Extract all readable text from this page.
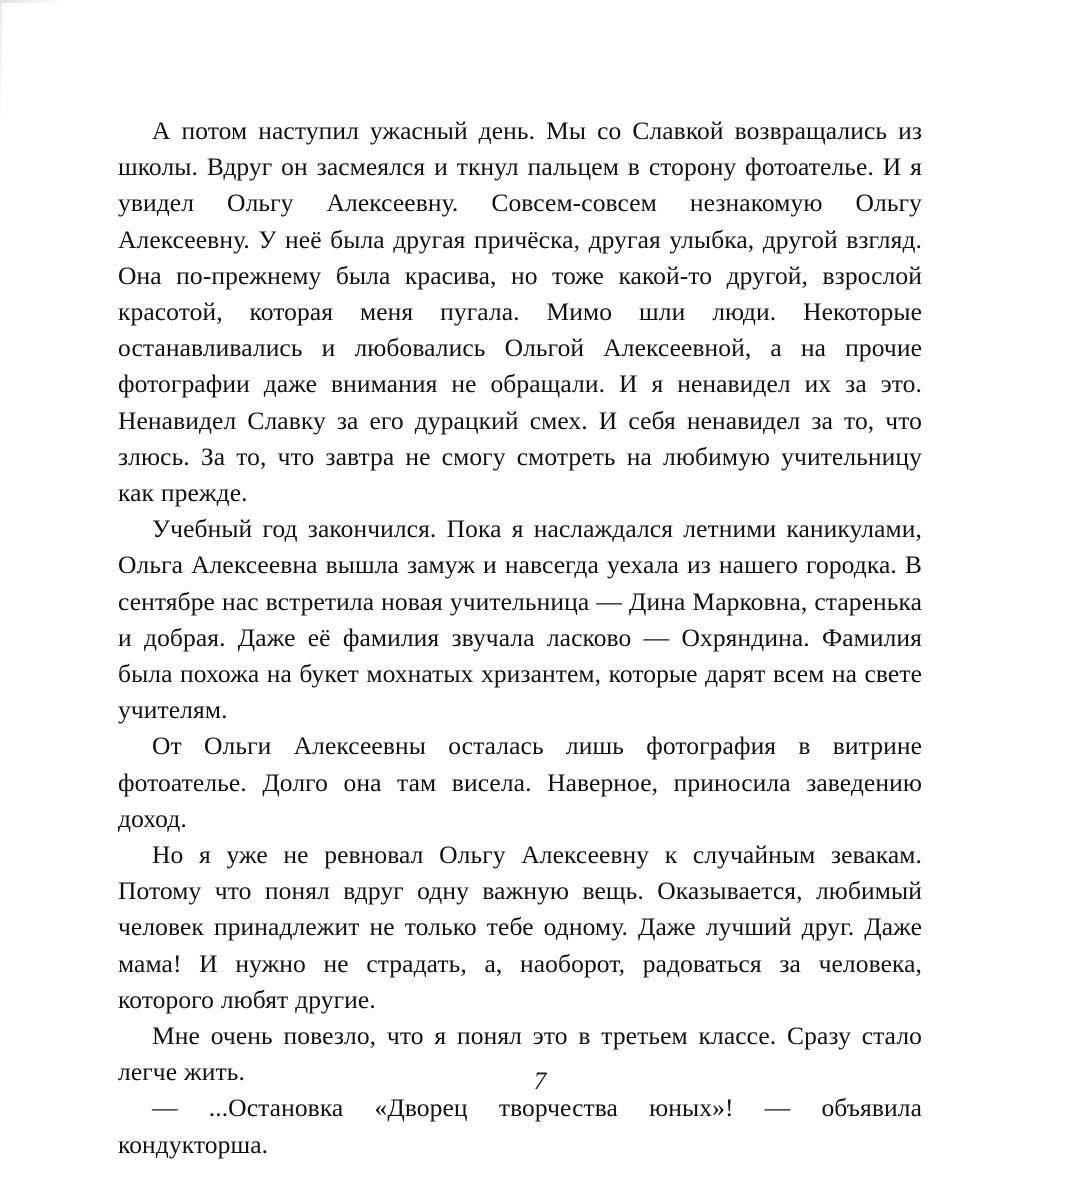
А потом наступил ужасный день. Мы со Славкой возвращались из школы. Вдруг он засмеялся и ткнул пальцем в сторону фотоателье. И я увидел Ольгу Алексеевну. Совсем-совсем незнакомую Ольгу Алексеевну. У неё была другая причёска, другая улыбка, другой взгляд. Она по-прежнему была красива, но тоже какой-то другой, взрослой красотой, которая меня пугала. Мимо шли люди. Некоторые останавливались и любовались Ольгой Алексеевной, а на прочие фотографии даже внимания не обращали. И я ненавидел их за это. Ненавидел Славку за его дурацкий смех. И себя ненавидел за то, что злюсь. За то, что завтра не смогу смотреть на любимую учительницу как прежде.

Учебный год закончился. Пока я наслаждался летними каникулами, Ольга Алексеевна вышла замуж и навсегда уехала из нашего городка. В сентябре нас встретила новая учительница — Дина Марковна, старенька и добрая. Даже её фамилия звучала ласково — Охряндина. Фамилия была похожа на букет мохнатых хризантем, которые дарят всем на свете учителям.

От Ольги Алексеевны осталась лишь фотография в витрине фотоателье. Долго она там висела. Наверное, приносила заведению доход.

Но я уже не ревновал Ольгу Алексеевну к случайным зевакам. Потому что понял вдруг одну важную вещь. Оказывается, любимый человек принадлежит не только тебе одному. Даже лучший друг. Даже мама! И нужно не страдать, а, наоборот, радоваться за человека, которого любят другие.

Мне очень повезло, что я понял это в третьем классе. Сразу стало легче жить.

— ...Остановка «Дворец творчества юных»! — объявила кондукторша.

7
